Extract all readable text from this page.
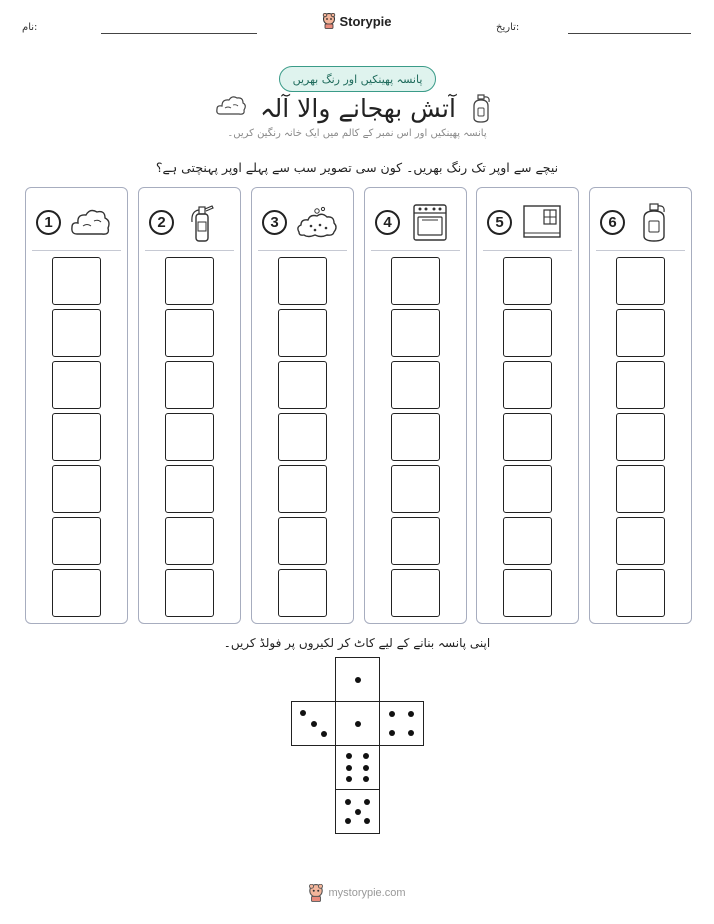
نام:	Storypie	تاریخ:
پانسہ پھینکیں اور رنگ بھریں
آتش بھجانے والا آلہ
پانسہ پھینکیں اور اس نمبر کے کالم میں ایک خانہ رنگین کریں۔
نیچے سے اوپر تک رنگ بھریں۔ کون سی تصویر سب سے پہلے اوپر پہنچتی ہے؟
1	2	3	4	5	6
اپنی پانسہ بنانے کے لیے کاٹ کر لکیروں پر فولڈ کریں۔
mystorypie.com
